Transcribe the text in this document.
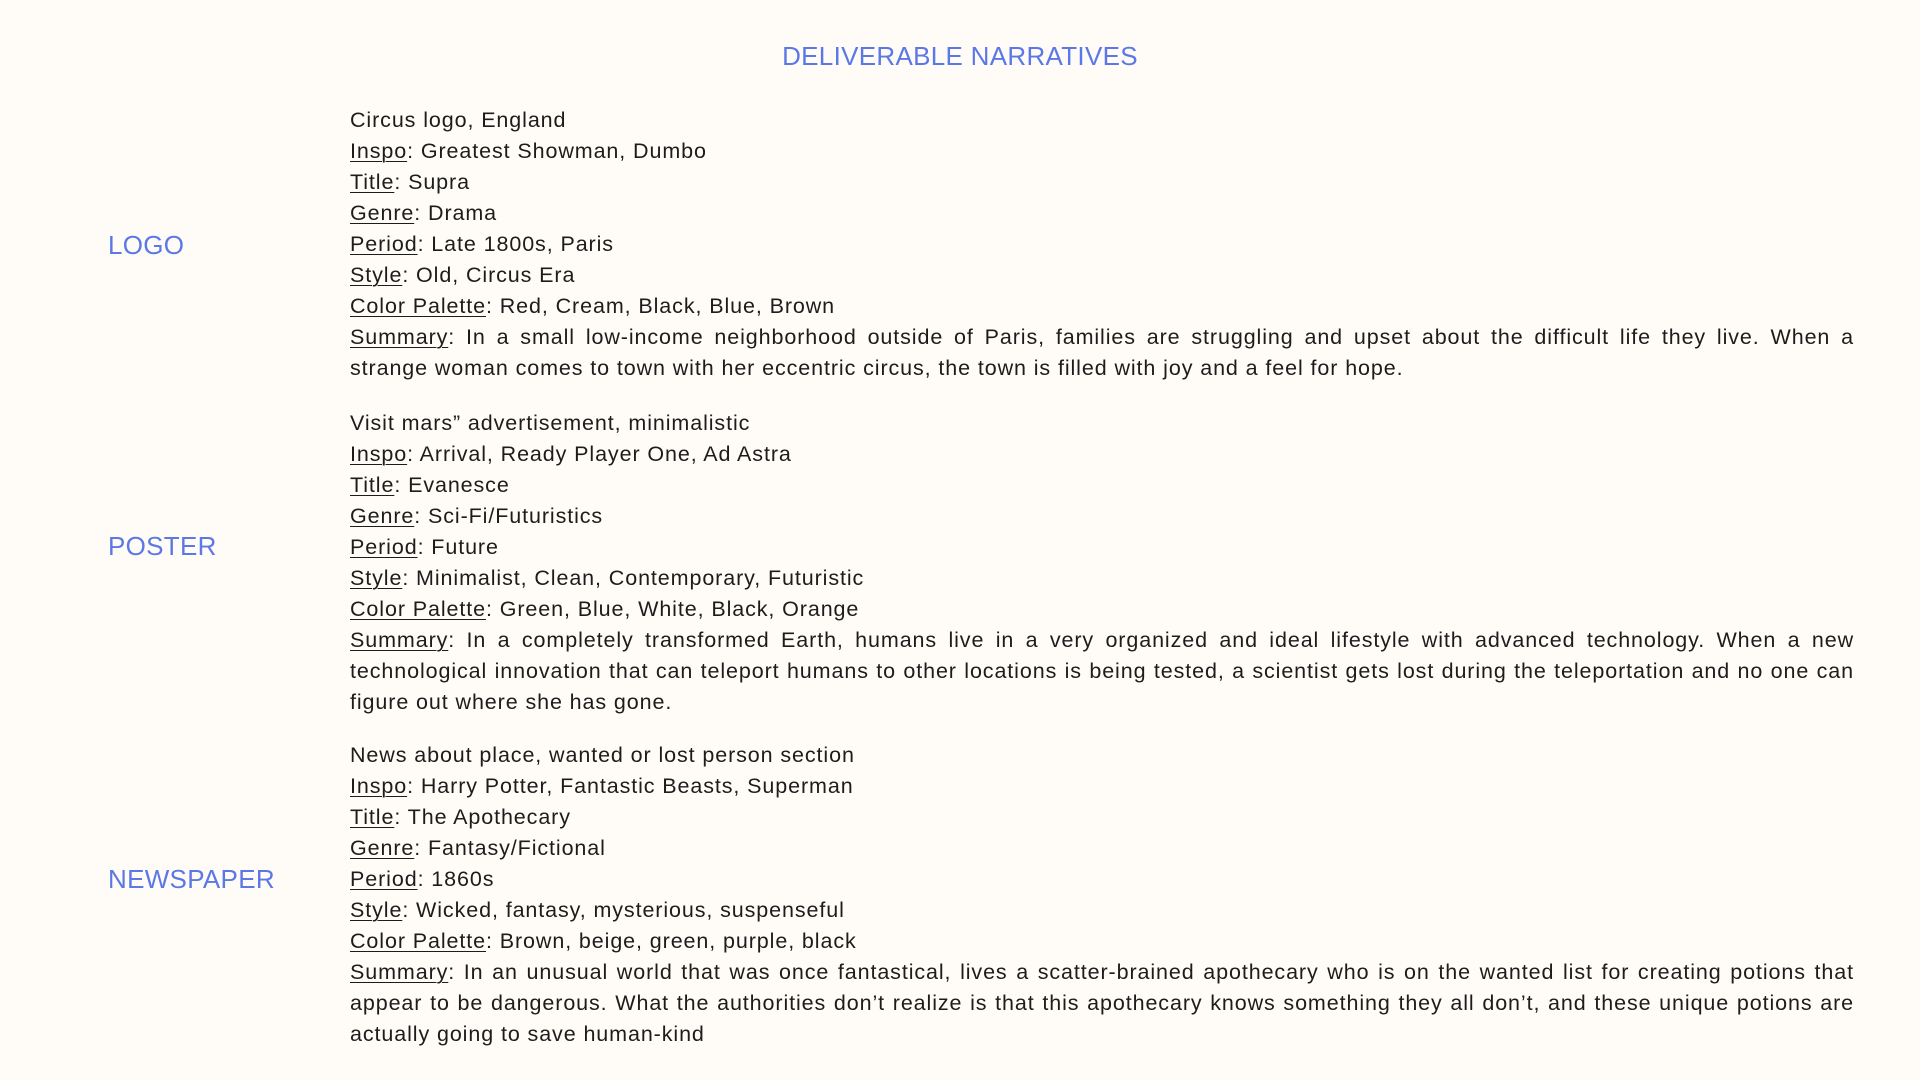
DELIVERABLE NARRATIVES
LOGO
Circus logo, England
Inspo: Greatest Showman, Dumbo
Title: Supra
Genre: Drama
Period: Late 1800s, Paris
Style: Old, Circus Era
Color Palette: Red, Cream, Black, Blue, Brown
Summary: In a small low-income neighborhood outside of Paris, families are struggling and upset about the difficult life they live. When a strange woman comes to town with her eccentric circus, the town is filled with joy and a feel for hope.
POSTER
Visit mars” advertisement, minimalistic
Inspo: Arrival, Ready Player One, Ad Astra
Title: Evanesce
Genre: Sci-Fi/Futuristics
Period: Future
Style: Minimalist, Clean, Contemporary, Futuristic
Color Palette: Green, Blue, White, Black, Orange
Summary: In a completely transformed Earth, humans live in a very organized and ideal lifestyle with advanced technology. When a new technological innovation that can teleport humans to other locations is being tested, a scientist gets lost during the teleportation and no one can figure out where she has gone.
NEWSPAPER
News about place, wanted or lost person section
Inspo: Harry Potter, Fantastic Beasts, Superman
Title: The Apothecary
Genre: Fantasy/Fictional
Period: 1860s
Style: Wicked, fantasy, mysterious, suspenseful
Color Palette: Brown, beige, green, purple, black
Summary: In an unusual world that was once fantastical, lives a scatter-brained apothecary who is on the wanted list for creating potions that appear to be dangerous. What the authorities don’t realize is that this apothecary knows something they all don’t, and these unique potions are actually going to save human-kind
